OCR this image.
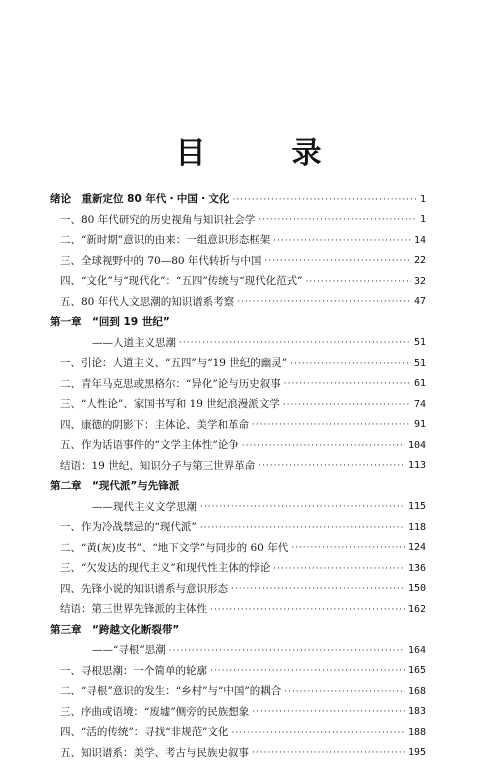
目　录
绪论　重新定位 80 年代・中国・文化 ·····	1
一、80 年代研究的历史视角与知识社会学 ·····	1
二、“新时期”意识的由来：一组意识形态框架 ·····	14
三、全球视野中的 70—80 年代转折与中国 ·····	22
四、“文化”与“现代化”：“五四”传统与“现代化范式” ·····	32
五、80 年代人文思潮的知识谱系考察 ·····	47
第一章　“回到 19 世纪”
——人道主义思潮 ·····	51
一、引论：人道主义、“五四”与“19 世纪的幽灵” ·····	51
二、青年马克思或黑格尔：“异化”论与历史叙事 ·····	61
三、“人性论”、家国书写和 19 世纪浪漫派文学 ·····	74
四、康德的阴影下：主体论、美学和革命 ·····	91
五、作为话语事件的“文学主体性”论争 ·····	104
结语：19 世纪、知识分子与第三世界革命 ·····	113
第二章　“现代派”与先锋派
——现代主义文学思潮 ·····	115
一、作为冷战禁忌的“现代派” ·····	118
二、“黄(灰)皮书”、“地下文学”与同步的 60 年代 ·····	124
三、“欠发达的现代主义”和现代性主体的悖论 ·····	136
四、先锋小说的知识谱系与意识形态 ·····	150
结语：第三世界先锋派的主体性 ·····	162
第三章　“跨越文化断裂带”
——“寻根”思潮 ·····	164
一、寻根思潮：一个简单的轮廓 ·····	165
二、“寻根”意识的发生：“乡村”与“中国”的耦合 ·····	168
三、序曲或语境：“废墟”侧旁的民族想象 ·····	183
四、“活的传统”：寻找“非规范”文化 ·····	188
五、知识谱系：美学、考古与民族史叙事 ·····	195
